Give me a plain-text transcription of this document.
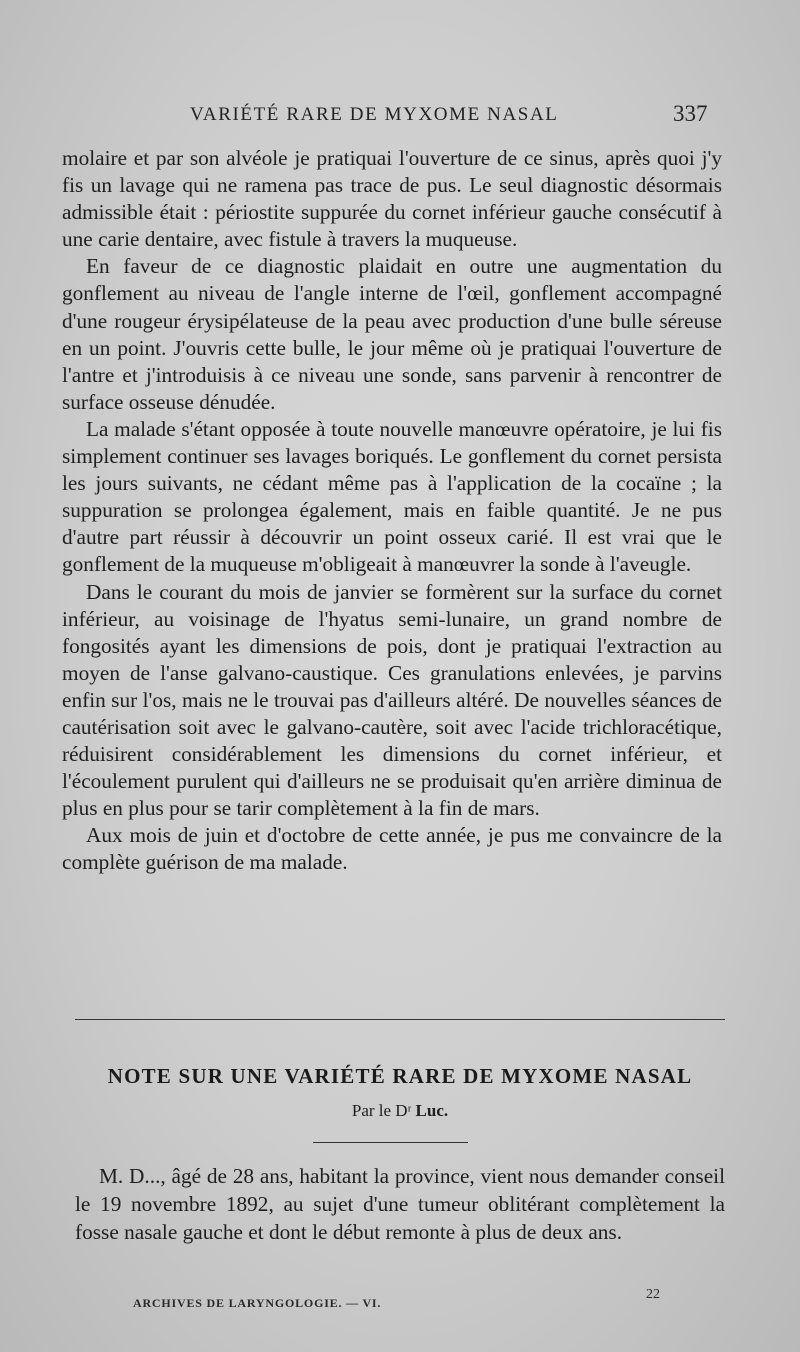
VARIÉTÉ RARE DE MYXOME NASAL	337

molaire et par son alvéole je pratiquai l'ouverture de ce sinus, après quoi j'y fis un lavage qui ne ramena pas trace de pus. Le seul diagnostic désormais admissible était : périostite suppurée du cornet inférieur gauche consécutif à une carie dentaire, avec fistule à travers la muqueuse.

En faveur de ce diagnostic plaidait en outre une augmentation du gonflement au niveau de l'angle interne de l'œil, gonflement accompagné d'une rougeur érysipélateuse de la peau avec production d'une bulle séreuse en un point. J'ouvris cette bulle, le jour même où je pratiquai l'ouverture de l'antre et j'introduisis à ce niveau une sonde, sans parvenir à rencontrer de surface osseuse dénudée.

La malade s'étant opposée à toute nouvelle manœuvre opératoire, je lui fis simplement continuer ses lavages boriqués. Le gonflement du cornet persista les jours suivants, ne cédant même pas à l'application de la cocaïne ; la suppuration se prolongea également, mais en faible quantité. Je ne pus d'autre part réussir à découvrir un point osseux carié. Il est vrai que le gonflement de la muqueuse m'obligeait à manœuvrer la sonde à l'aveugle.

Dans le courant du mois de janvier se formèrent sur la surface du cornet inférieur, au voisinage de l'hyatus semi-lunaire, un grand nombre de fongosités ayant les dimensions de pois, dont je pratiquai l'extraction au moyen de l'anse galvano-caustique. Ces granulations enlevées, je parvins enfin sur l'os, mais ne le trouvai pas d'ailleurs altéré. De nouvelles séances de cautérisation soit avec le galvano-cautère, soit avec l'acide trichloracétique, réduisirent considérablement les dimensions du cornet inférieur, et l'écoulement purulent qui d'ailleurs ne se produisait qu'en arrière diminua de plus en plus pour se tarir complètement à la fin de mars.

Aux mois de juin et d'octobre de cette année, je pus me convaincre de la complète guérison de ma malade.

NOTE SUR UNE VARIÉTÉ RARE DE MYXOME NASAL
Par le Dʳ Luc.

M. D..., âgé de 28 ans, habitant la province, vient nous demander conseil le 19 novembre 1892, au sujet d'une tumeur oblitérant complètement la fosse nasale gauche et dont le début remonte à plus de deux ans.

ARCHIVES DE LARYNGOLOGIE. — VI.
22
